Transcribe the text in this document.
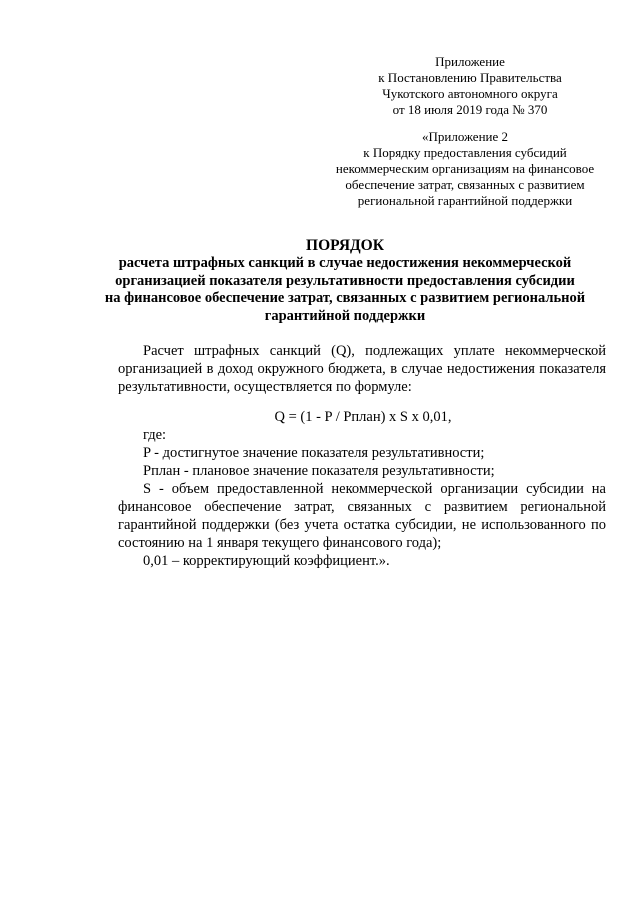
Приложение
к Постановлению Правительства
Чукотского автономного округа
от 18 июля 2019 года № 370
«Приложение 2
к Порядку предоставления субсидий
некоммерческим организациям на финансовое
обеспечение затрат, связанных с развитием
региональной гарантийной поддержки
ПОРЯДОК
расчета штрафных санкций в случае недостижения некоммерческой
организацией показателя результативности предоставления субсидии
на финансовое обеспечение затрат, связанных с развитием региональной
гарантийной поддержки
Расчет штрафных санкций (Q), подлежащих уплате некоммерческой
организацией в доход окружного бюджета, в случае недостижения показателя
результативности, осуществляется по формуле:
Q = (1 - P / Pплан) x S x 0,01,
где:
P - достигнутое значение показателя результативности;
Pплан - плановое значение показателя результативности;
S - объем предоставленной некоммерческой организации субсидии на
финансовое обеспечение затрат, связанных с развитием региональной
гарантийной поддержки (без учета остатка субсидии, не использованного по
состоянию на 1 января текущего финансового года);
0,01 – корректирующий коэффициент.».
